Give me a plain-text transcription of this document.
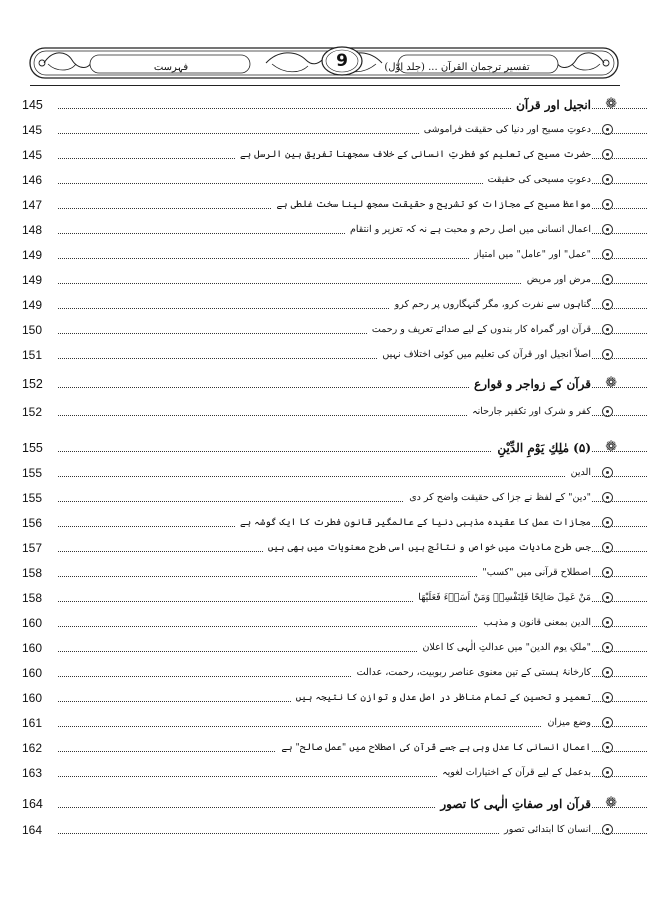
9
فہرست	تفسیر ترجمان القرآن ... (جلد اوّل)
145	انجیل اور قرآن ❁
145	دعوتِ مسیح اور دنیا کی حقیقت فراموشی
145	حضرت مسیح کی تعلیم کو فطرتِ انسانی کے خلاف سمجھنا تفریق بین الرسل ہے
146	دعوتِ مسیحی کی حقیقت
147	مواعظ مسیح کے مجازات کو تشریح و حقیقت سمجھ لینا سخت غلطی ہے
148	اعمال انسانی میں اصل رحم و محبت ہے نہ کہ تعزیر و انتقام
149	"عمل" اور "عامل" میں امتیاز
149	مرض اور مریض
149	گناہوں سے نفرت کرو، مگر گنہگاروں پر رحم کرو
150	قرآن اور گمراہ کار بندوں کے لیے صدائے تعریف و رحمت
151	اصلاً انجیل اور قرآن کی تعلیم میں کوئی اختلاف نہیں
152	قرآن کے زواجر و قوارع ❁
152	کفر و شرک اور تکفیر جارحانہ
155	(۵) مٰلِكِ يَوْمِ الدِّيْنِ ❁
155	الدین
155	"دین" کے لفظ نے جزا کی حقیقت واضح کر دی
156	مجازات عمل کا عقیدہ مذہبی دنیا کے عالمگیر قانونِ فطرت کا ایک گوشہ ہے
157	جس طرح مادیات میں خواص و نتائج ہیں اسی طرح معنویات میں بھی ہیں
158	اصطلاح قرآنی میں "کسب"
158	مَنْ عَمِلَ صَالِحًا فَلِنَفْسِهٖ وَمَنْ اَسَاۗءَ فَعَلَيْهَا
160	الدین بمعنی قانون و مذہب
160	"ملکِ یوم الدین" میں عدالتِ الٰہی کا اعلان
160	کارخانۂ ہستی کے تین معنوی عناصر ربوبیت، رحمت، عدالت
160	تعمیر و تحسین کے تمام مناظر در اصل عدل و توازن کا نتیجہ ہیں
161	وضع میزان
162	اعمال انسانی کا عدل وہی ہے جسے قرآن کی اصطلاح میں "عمل صالح" ہے
163	بدعمل کے لیے قرآن کے اختیارات لغویہ
164	قرآن اور صفاتِ الٰہی کا تصور ❁
164	انسان کا ابتدائی تصور
